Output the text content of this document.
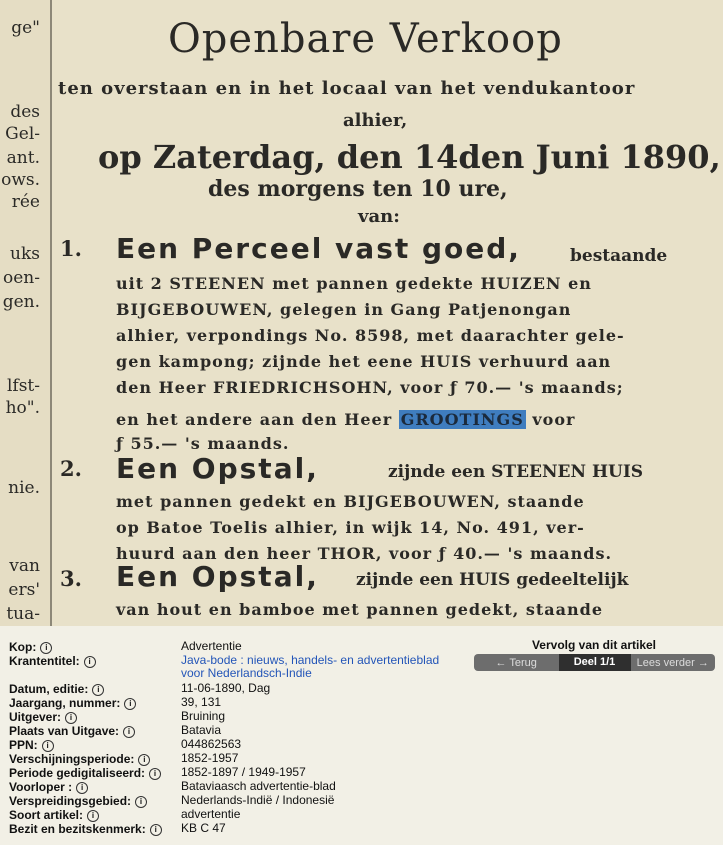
ge"
des
Gel-
ant.
ows.
rée
uks
oen-
gen.
lfst-
ho".
nie.
van
ers'
tua-
Openbare Verkoop
ten overstaan en in het locaal van het vendukantoor
alhier,
op Zaterdag, den 14den Juni 1890,
des morgens ten 10 ure,
van:
1. Een Perceel vast goed,	bestaande
uit 2 STEENEN met pannen gedekte HUIZEN en
BIJGEBOUWEN, gelegen in Gang Patjenongan
alhier, verpondings No. 8598, met daarachter gele-
gen kampong; zijnde het eene HUIS verhuurd aan
den Heer FRIEDRICHSOHN, voor ƒ 70.— 's maands;
en het andere aan den Heer GROOTINGS voor
ƒ 55.— 's maands.
2. Een Opstal,	zijnde een STEENEN HUIS
met pannen gedekt en BIJGEBOUWEN, staande
op Batoe Toelis alhier, in wijk 14, No. 491, ver-
huurd aan den heer THOR, voor ƒ 40.— 's maands.
3. Een Opstal, zijnde een HUIS gedeeltelijk
van hout en bamboe met pannen gedekt, staande
Kop: i	Advertentie
Krantentitel: i	Java-bode : nieuws, handels- en advertentieblad
voor Nederlandsch-Indie
Datum, editie: i	11-06-1890, Dag
Jaargang, nummer: i	39, 131
Uitgever: i	Bruining
Plaats van Uitgave: i	Batavia
PPN: i	044862563
Verschijningsperiode: i	1852-1957
Periode gedigitaliseerd: i	1852-1897 / 1949-1957
Voorloper : i	Bataviaasch advertentie-blad
Verspreidingsgebied: i	Nederlands-Indië / Indonesië
Soort artikel: i	advertentie
Bezit en bezitskenmerk: i	KB C 47
Vervolg van dit artikel
← Terug	Deel 1/1	Lees verder →
